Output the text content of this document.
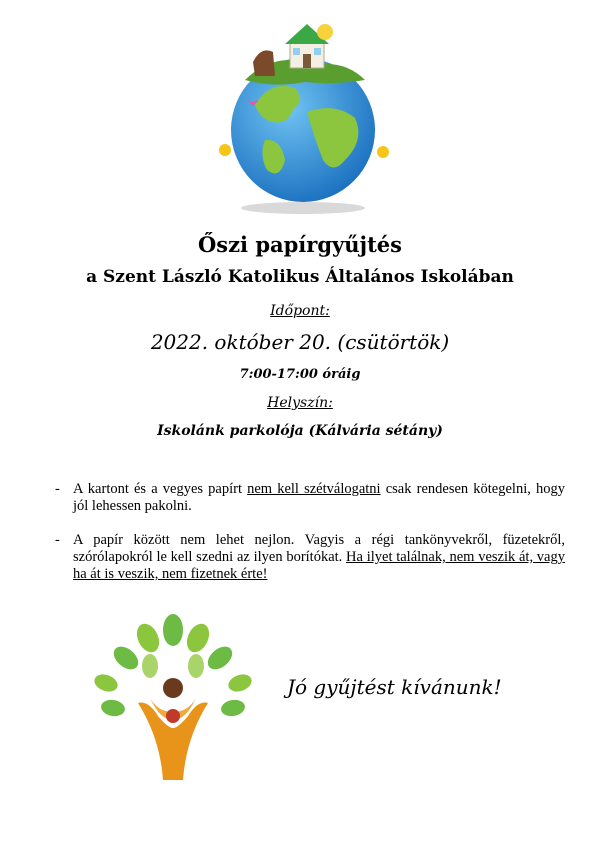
Őszi papírgyűjtés
a Szent László Katolikus Általános Iskolában
Időpont:
2022. október 20. (csütörtök)
7:00-17:00 óráig
Helyszín:
Iskolánk parkolója (Kálvária sétány)
- A kartont és a vegyes papírt nem kell szétválogatni csak rendesen kötegelni, hogy jól lehessen pakolni.
- A papír között nem lehet nejlon. Vagyis a régi tankönyvekről, füzetekről, szórólapokról le kell szedni az ilyen borítókat. Ha ilyet találnak, nem veszik át, vagy ha át is veszik, nem fizetnek érte!
Jó gyűjtést kívánunk!
